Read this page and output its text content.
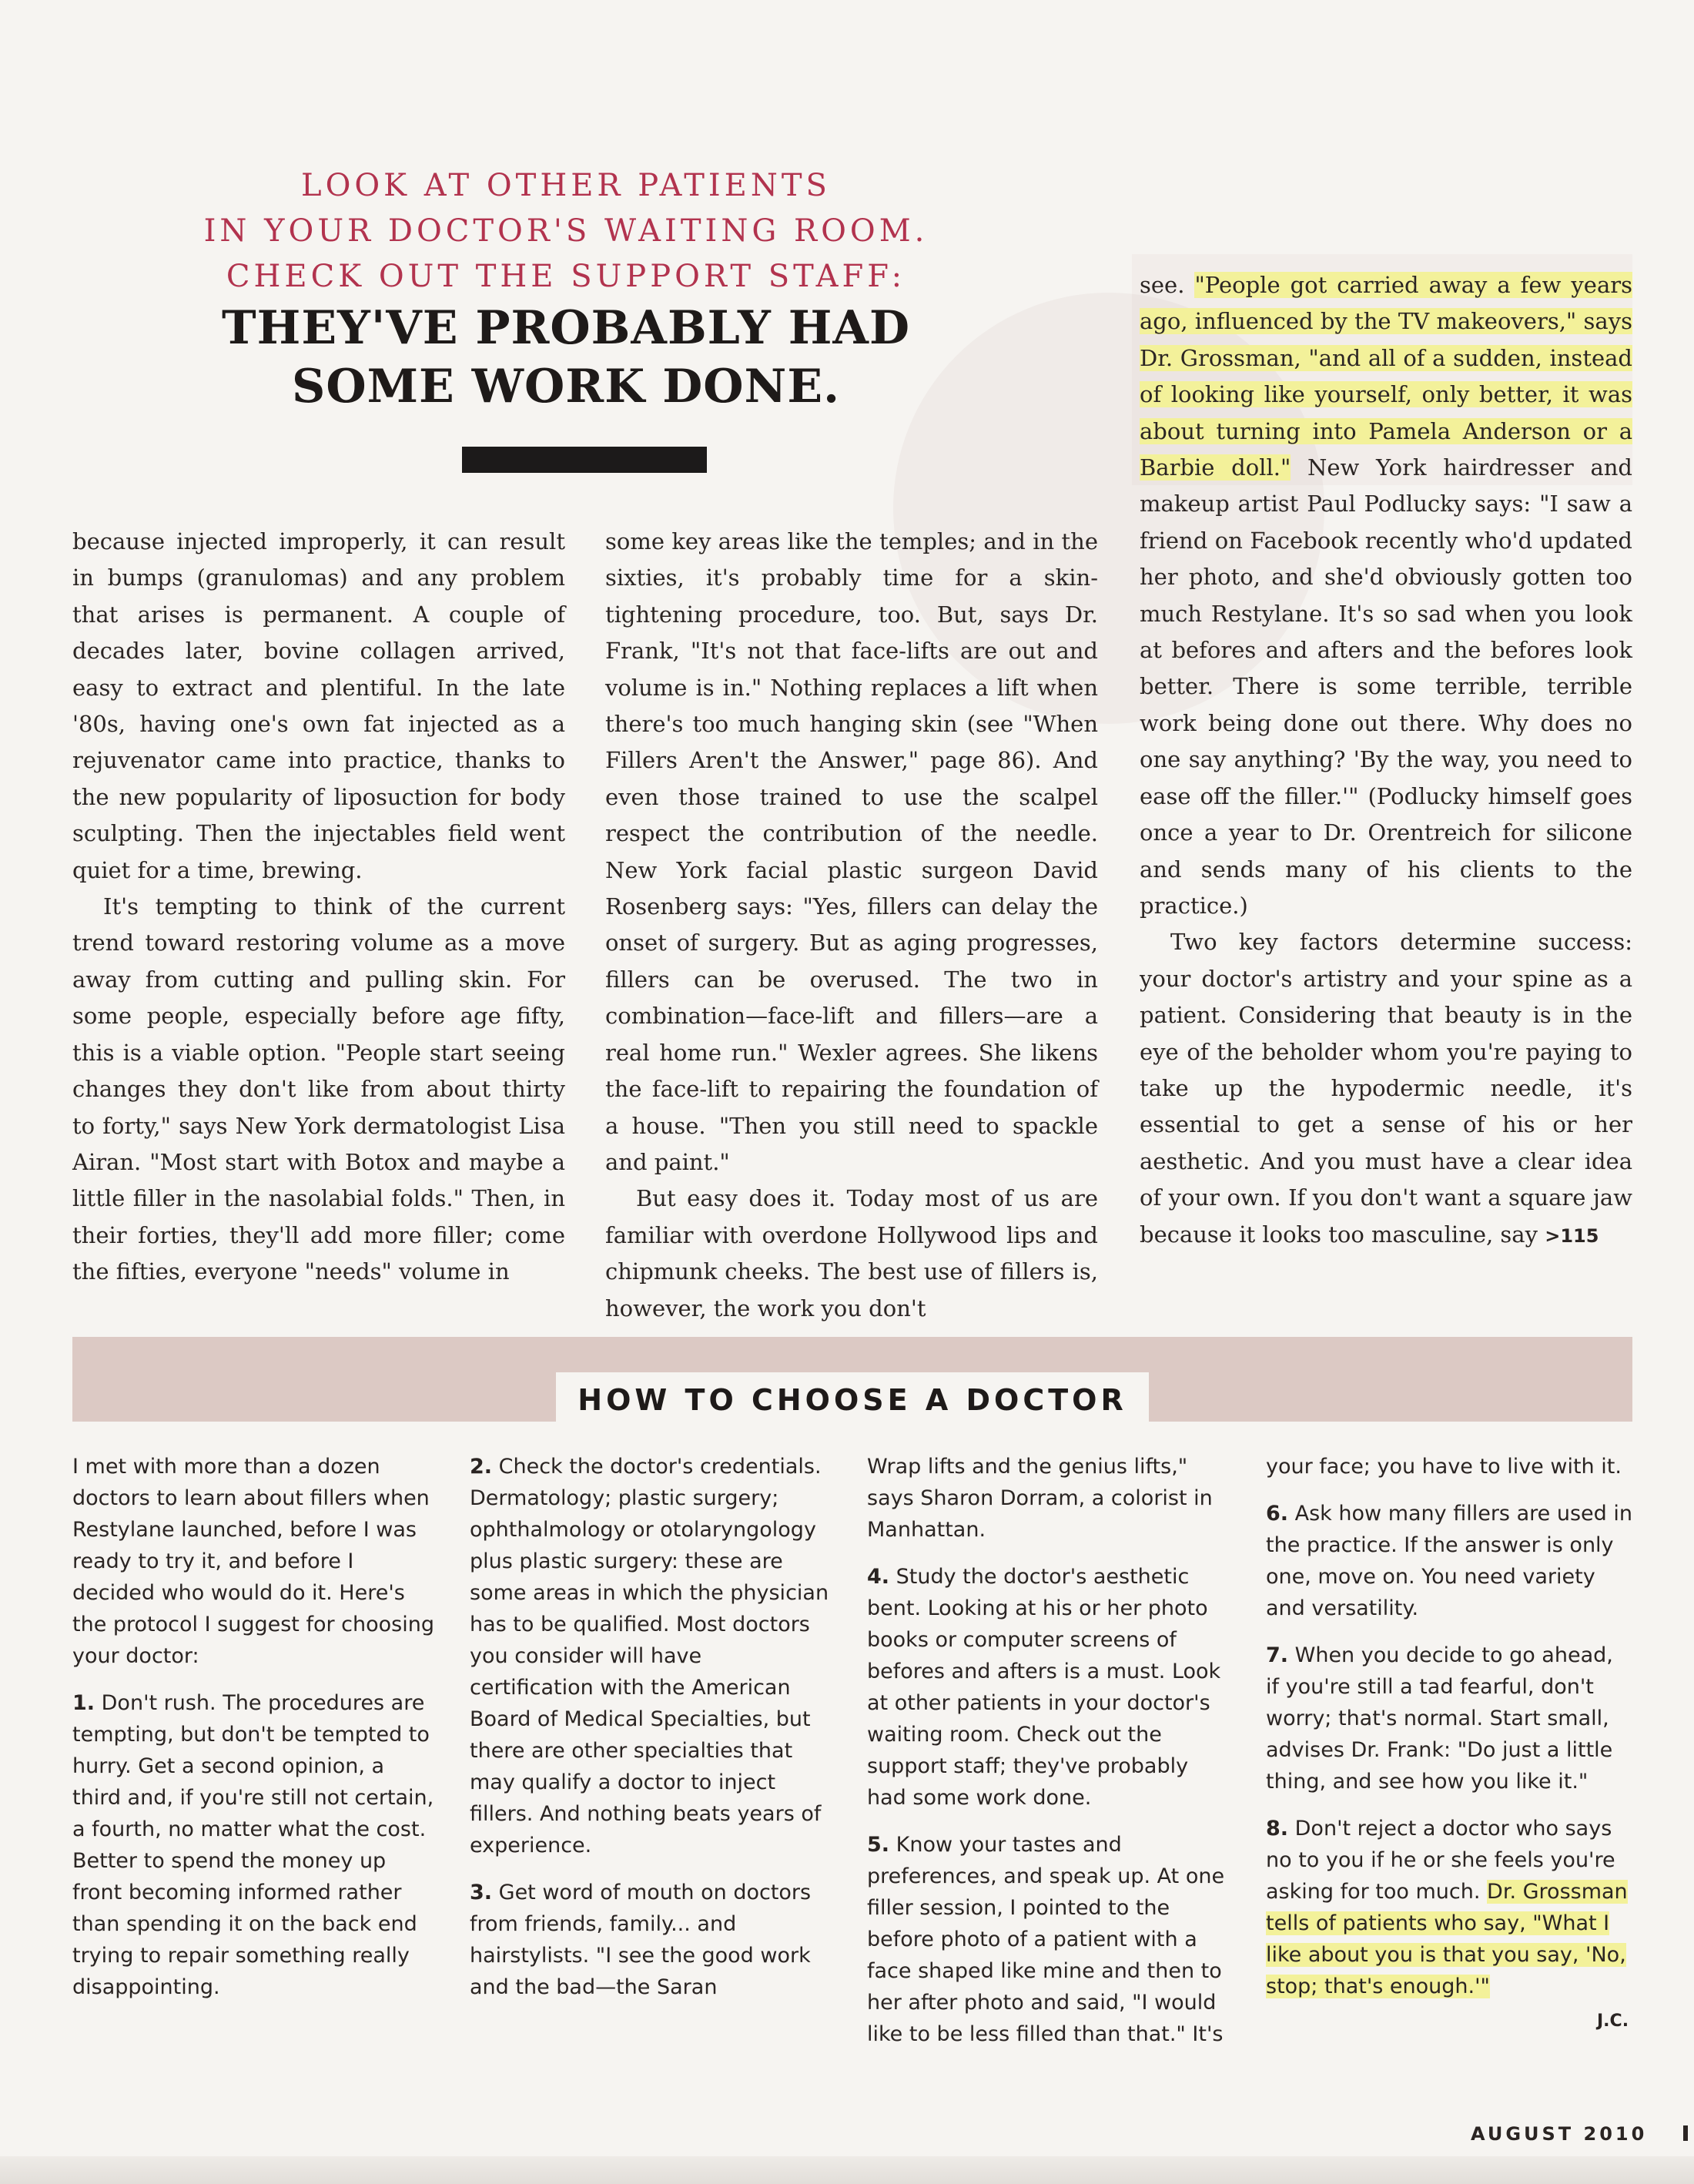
LOOK AT OTHER PATIENTS
IN YOUR DOCTOR'S WAITING ROOM.
CHECK OUT THE SUPPORT STAFF:
THEY'VE PROBABLY HAD
SOME WORK DONE.

because injected improperly, it can result in bumps (granulomas) and any problem that arises is permanent. A couple of decades later, bovine collagen arrived, easy to extract and plentiful. In the late '80s, having one's own fat injected as a rejuvenator came into practice, thanks to the new popularity of liposuction for body sculpting. Then the injectables field went quiet for a time, brewing.

It's tempting to think of the current trend toward restoring volume as a move away from cutting and pulling skin. For some people, especially before age fifty, this is a viable option. "People start seeing changes they don't like from about thirty to forty," says New York dermatologist Lisa Airan. "Most start with Botox and maybe a little filler in the nasolabial folds." Then, in their forties, they'll add more filler; come the fifties, everyone "needs" volume in

some key areas like the temples; and in the sixties, it's probably time for a skin-tightening procedure, too. But, says Dr. Frank, "It's not that face-lifts are out and volume is in." Nothing replaces a lift when there's too much hanging skin (see "When Fillers Aren't the Answer," page 86). And even those trained to use the scalpel respect the contribution of the needle. New York facial plastic surgeon David Rosenberg says: "Yes, fillers can delay the onset of surgery. But as aging progresses, fillers can be overused. The two in combination—face-lift and fillers—are a real home run." Wexler agrees. She likens the face-lift to repairing the foundation of a house. "Then you still need to spackle and paint."

But easy does it. Today most of us are familiar with overdone Hollywood lips and chipmunk cheeks. The best use of fillers is, however, the work you don't

see. "People got carried away a few years ago, influenced by the TV makeovers," says Dr. Grossman, "and all of a sudden, instead of looking like yourself, only better, it was about turning into Pamela Anderson or a Barbie doll." New York hairdresser and makeup artist Paul Podlucky says: "I saw a friend on Facebook recently who'd updated her photo, and she'd obviously gotten too much Restylane. It's so sad when you look at befores and afters and the befores look better. There is some terrible, terrible work being done out there. Why does no one say anything? 'By the way, you need to ease off the filler.'" (Podlucky himself goes once a year to Dr. Orentreich for silicone and sends many of his clients to the practice.)

Two key factors determine success: your doctor's artistry and your spine as a patient. Considering that beauty is in the eye of the beholder whom you're paying to take up the hypodermic needle, it's essential to get a sense of his or her aesthetic. And you must have a clear idea of your own. If you don't want a square jaw because it looks too masculine, say >115

HOW TO CHOOSE A DOCTOR

I met with more than a dozen doctors to learn about fillers when Restylane launched, before I was ready to try it, and before I decided who would do it. Here's the protocol I suggest for choosing your doctor:

1. Don't rush. The procedures are tempting, but don't be tempted to hurry. Get a second opinion, a third and, if you're still not certain, a fourth, no matter what the cost. Better to spend the money up front becoming informed rather than spending it on the back end trying to repair something really disappointing.

2. Check the doctor's credentials. Dermatology; plastic surgery; ophthalmology or otolaryngology plus plastic surgery: these are some areas in which the physician has to be qualified. Most doctors you consider will have certification with the American Board of Medical Specialties, but there are other specialties that may qualify a doctor to inject fillers. And nothing beats years of experience.

3. Get word of mouth on doctors from friends, family... and hairstylists. "I see the good work and the bad—the Saran

Wrap lifts and the genius lifts," says Sharon Dorram, a colorist in Manhattan.

4. Study the doctor's aesthetic bent. Looking at his or her photo books or computer screens of befores and afters is a must. Look at other patients in your doctor's waiting room. Check out the support staff; they've probably had some work done.

5. Know your tastes and preferences, and speak up. At one filler session, I pointed to the before photo of a patient with a face shaped like mine and then to her after photo and said, "I would like to be less filled than that." It's

your face; you have to live with it.

6. Ask how many fillers are used in the practice. If the answer is only one, move on. You need variety and versatility.

7. When you decide to go ahead, if you're still a tad fearful, don't worry; that's normal. Start small, advises Dr. Frank: "Do just a little thing, and see how you like it."

8. Don't reject a doctor who says no to you if he or she feels you're asking for too much. Dr. Grossman tells of patients who say, "What I like about you is that you say, 'No, stop; that's enough.'"

J.C.
AUGUST 2010
